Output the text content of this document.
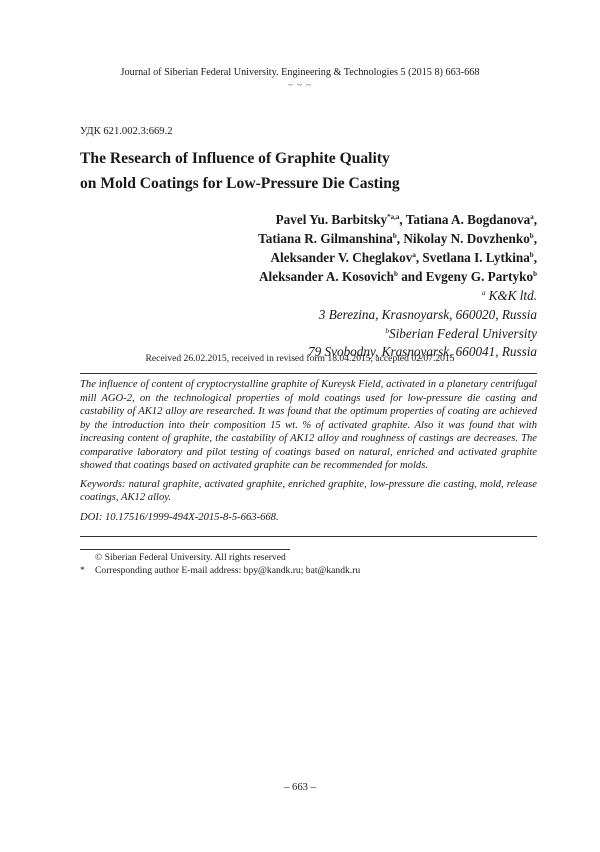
Journal of Siberian Federal University. Engineering & Technologies 5 (2015 8) 663-668
~ ~ ~
УДК 621.002.3:669.2
The Research of Influence of Graphite Quality
on Mold Coatings for Low-Pressure Die Casting
Pavel Yu. Barbitsky$^{*a,a}$, Tatiana A. Bogdanova$^a$,
Tatiana R. Gilmanshina$^b$, Nikolay N. Dovzhenko$^b$,
Aleksander V. Cheglakov$^a$, Svetlana I. Lytkina$^b$,
Aleksander A. Kosovich$^b$ and Evgeny G. Partyko$^b$
$^a$ K&K ltd.
3 Berezina, Krasnoyarsk, 660020, Russia
$^b$Siberian Federal University
79 Svobodny, Krasnoyarsk, 660041, Russia
Received 26.02.2015, received in revised form 18.04.2015, accepted 02.07.2015

The influence of content of cryptocrystalline graphite of Kureysk Field, activated in a planetary centrifugal mill AGO-2, on the technological properties of mold coatings used for low-pressure die casting and castability of AK12 alloy are researched. It was found that the optimum properties of coating are achieved by the introduction into their composition 15 wt. % of activated graphite. Also it was found that with increasing content of graphite, the castability of AK12 alloy and roughness of castings are decreases. The comparative laboratory and pilot testing of coatings based on natural, enriched and activated graphite showed that coatings based on activated graphite can be recommended for molds.

Keywords: natural graphite, activated graphite, enriched graphite, low-pressure die casting, mold, release coatings, AK12 alloy.

DOI: 10.17516/1999-494X-2015-8-5-663-668.

© Siberian Federal University. All rights reserved
* Corresponding author E-mail address: bpy@kandk.ru; bat@kandk.ru
– 663 –
